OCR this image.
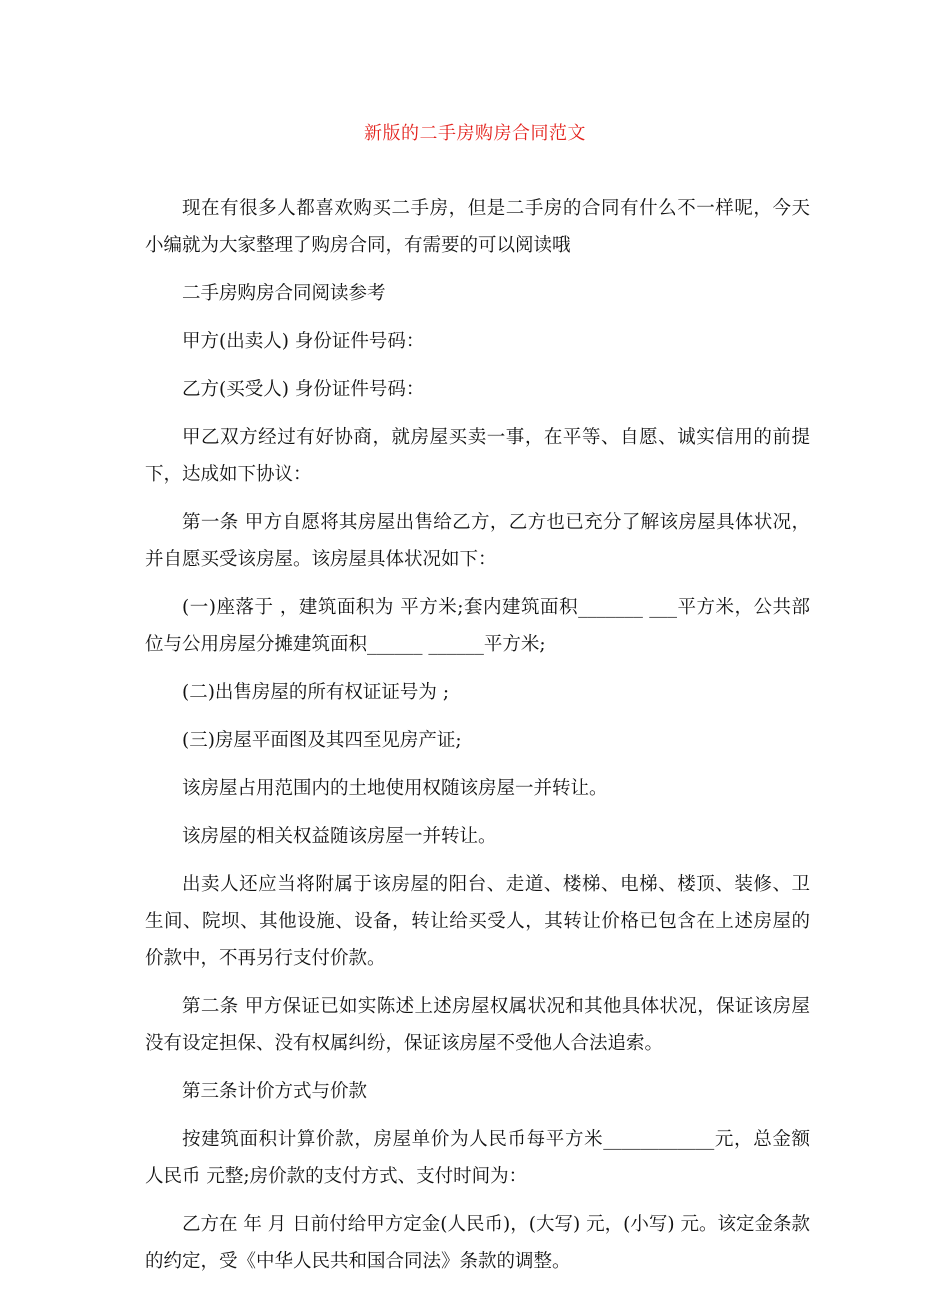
新版的二手房购房合同范文

现在有很多人都喜欢购买二手房，但是二手房的合同有什么不一样呢，今天小编就为大家整理了购房合同，有需要的可以阅读哦

二手房购房合同阅读参考

甲方(出卖人) 身份证件号码：

乙方(买受人) 身份证件号码：

甲乙双方经过有好协商，就房屋买卖一事，在平等、自愿、诚实信用的前提下，达成如下协议：

第一条 甲方自愿将其房屋出售给乙方，乙方也已充分了解该房屋具体状况，并自愿买受该房屋。该房屋具体状况如下：

(一)座落于 ，建筑面积为 平方米;套内建筑面积_______ ___平方米，公共部位与公用房屋分摊建筑面积______ ______平方米;

(二)出售房屋的所有权证证号为 ;

(三)房屋平面图及其四至见房产证;

该房屋占用范围内的土地使用权随该房屋一并转让。

该房屋的相关权益随该房屋一并转让。

出卖人还应当将附属于该房屋的阳台、走道、楼梯、电梯、楼顶、装修、卫生间、院坝、其他设施、设备，转让给买受人，其转让价格已包含在上述房屋的价款中，不再另行支付价款。

第二条 甲方保证已如实陈述上述房屋权属状况和其他具体状况，保证该房屋没有设定担保、没有权属纠纷，保证该房屋不受他人合法追索。

第三条计价方式与价款

按建筑面积计算价款，房屋单价为人民币每平方米____________元，总金额人民币 元整;房价款的支付方式、支付时间为：

乙方在 年 月 日前付给甲方定金(人民币)，(大写) 元，(小写) 元。该定金条款的约定，受《中华人民共和国合同法》条款的调整。
